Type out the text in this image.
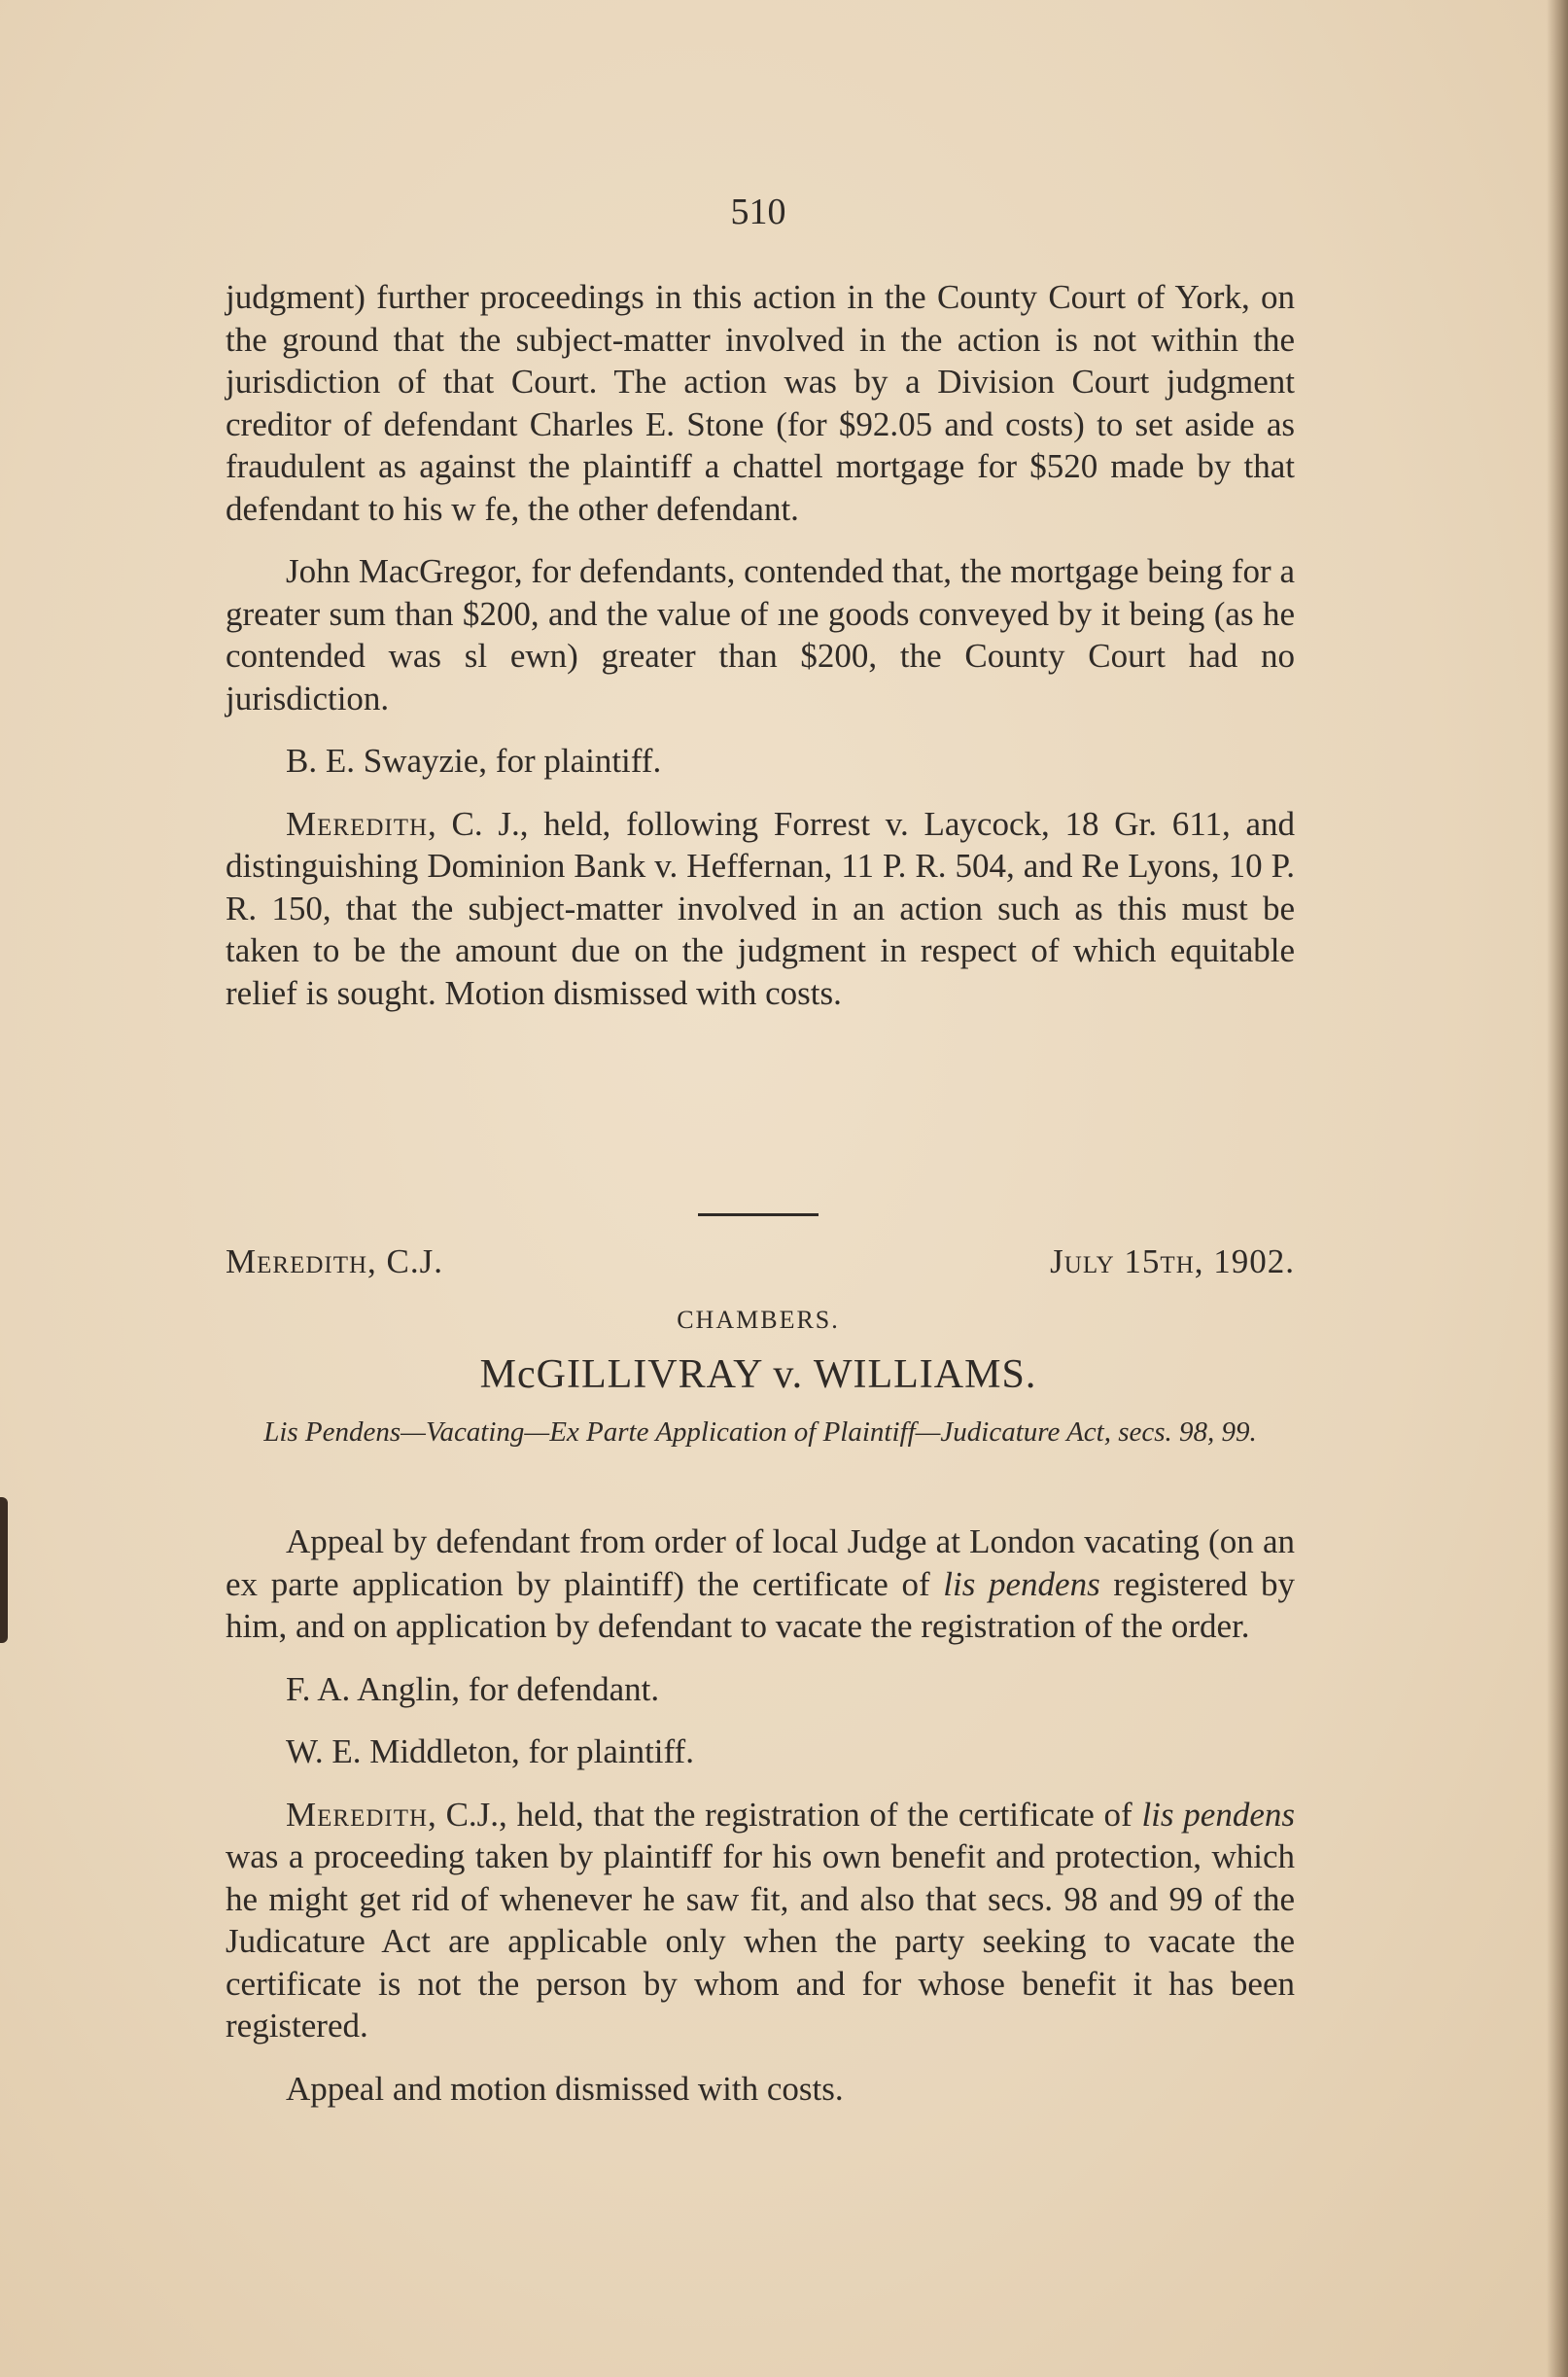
510

judgment) further proceedings in this action in the County Court of York, on the ground that the subject-matter involved in the action is not within the jurisdiction of that Court. The action was by a Division Court judgment creditor of defendant Charles E. Stone (for $92.05 and costs) to set aside as fraudulent as against the plaintiff a chattel mortgage for $520 made by that defendant to his w fe, the other defendant.

John MacGregor, for defendants, contended that, the mortgage being for a greater sum than $200, and the value of ıne goods conveyed by it being (as he contended was sl ewn) greater than $200, the County Court had no jurisdiction.

B. E. Swayzie, for plaintiff.

Meredith, C. J., held, following Forrest v. Laycock, 18 Gr. 611, and distinguishing Dominion Bank v. Heffernan, 11 P. R. 504, and Re Lyons, 10 P. R. 150, that the subject-matter involved in an action such as this must be taken to be the amount due on the judgment in respect of which equitable relief is sought. Motion dismissed with costs.

Meredith, C.J.	July 15th, 1902.
CHAMBERS.
McGILLIVRAY v. WILLIAMS.
Lis Pendens—Vacating—Ex Parte Application of Plaintiff—Judicature Act, secs. 98, 99.

Appeal by defendant from order of local Judge at London vacating (on an ex parte application by plaintiff) the certificate of lis pendens registered by him, and on application by defendant to vacate the registration of the order.

F. A. Anglin, for defendant.

W. E. Middleton, for plaintiff.

Meredith, C.J., held, that the registration of the certificate of lis pendens was a proceeding taken by plaintiff for his own benefit and protection, which he might get rid of whenever he saw fit, and also that secs. 98 and 99 of the Judicature Act are applicable only when the party seeking to vacate the certificate is not the person by whom and for whose benefit it has been registered.

Appeal and motion dismissed with costs.
